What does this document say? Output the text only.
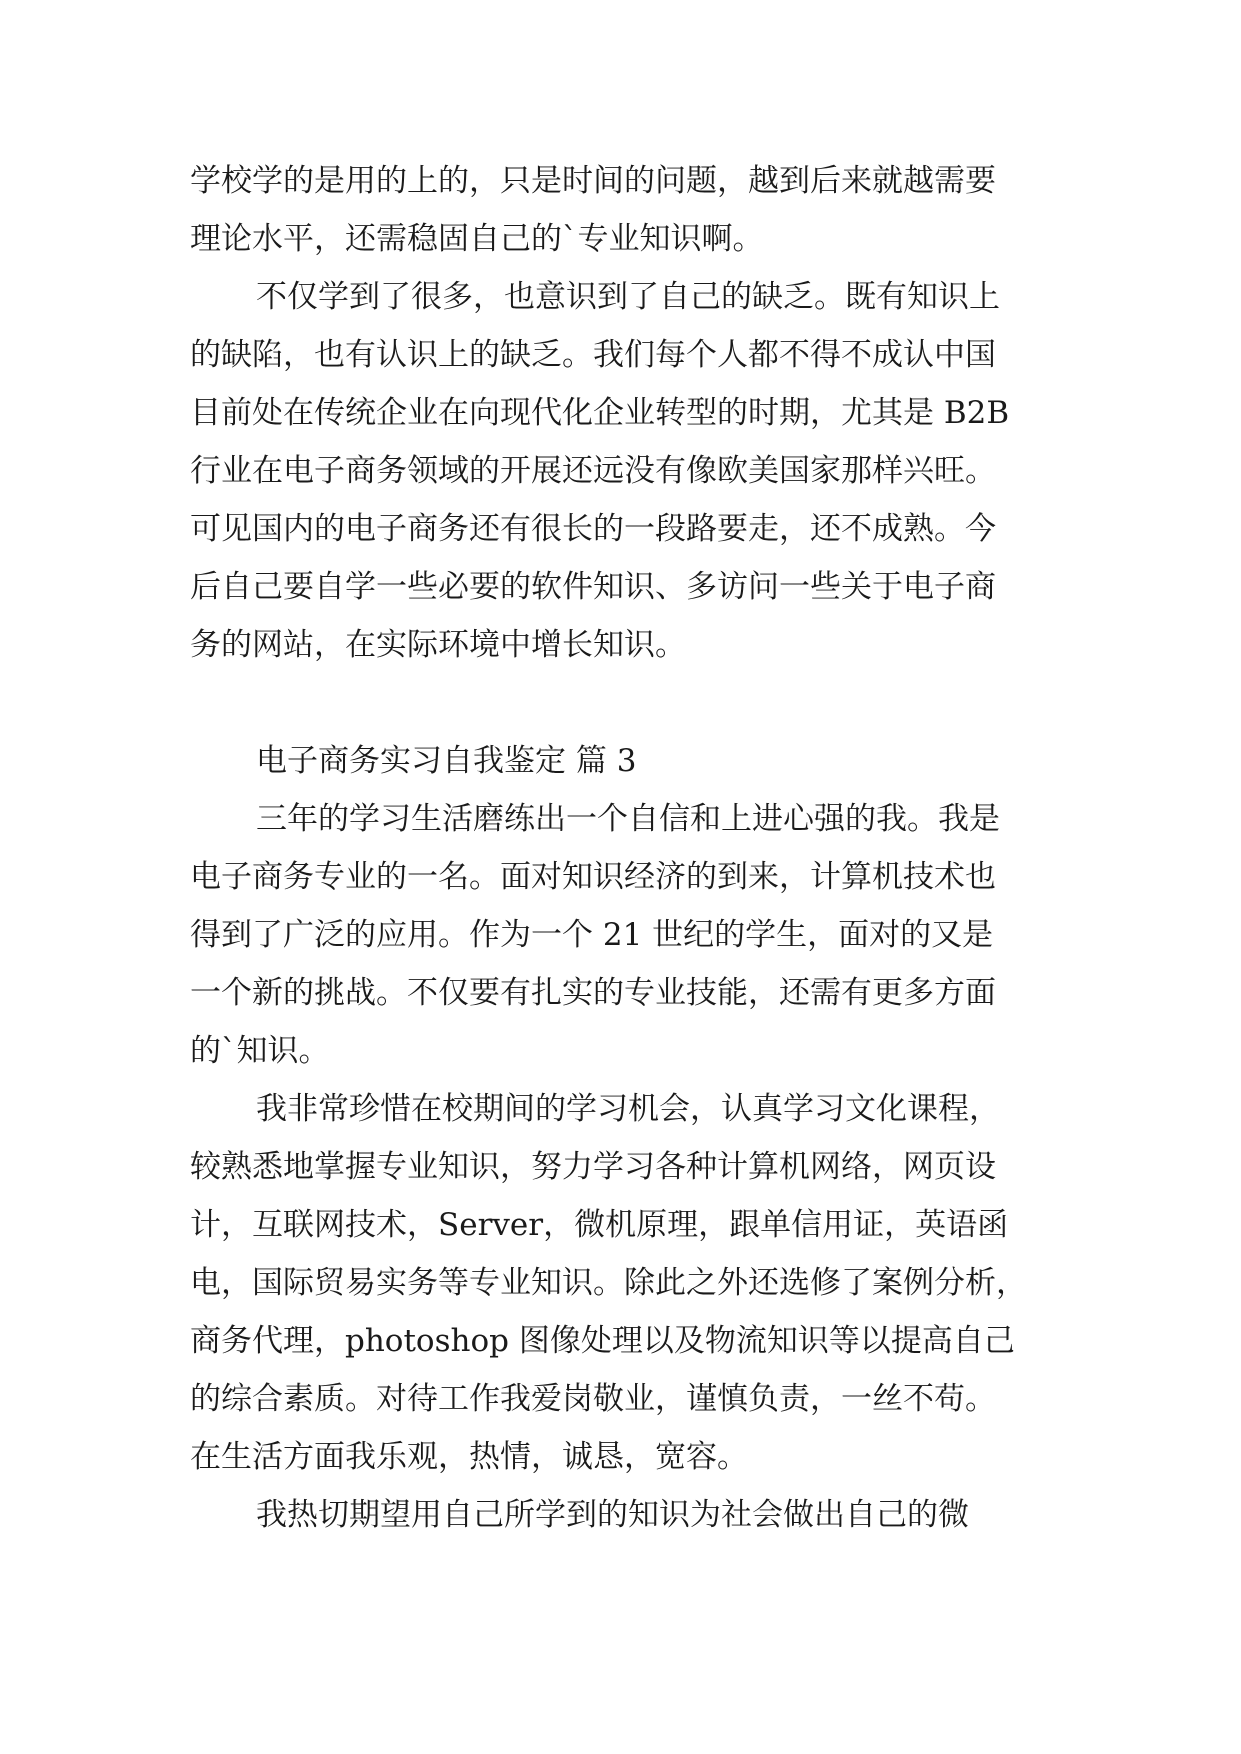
学校学的是用的上的，只是时间的问题，越到后来就越需要
理论水平，还需稳固自己的`专业知识啊。
不仅学到了很多，也意识到了自己的缺乏。既有知识上
的缺陷，也有认识上的缺乏。我们每个人都不得不成认中国
目前处在传统企业在向现代化企业转型的时期，尤其是 B2B
行业在电子商务领域的开展还远没有像欧美国家那样兴旺。
可见国内的电子商务还有很长的一段路要走，还不成熟。今
后自己要自学一些必要的软件知识、多访问一些关于电子商
务的网站，在实际环境中增长知识。
电子商务实习自我鉴定 篇 3
三年的学习生活磨练出一个自信和上进心强的我。我是
电子商务专业的一名。面对知识经济的到来，计算机技术也
得到了广泛的应用。作为一个 21 世纪的学生，面对的又是
一个新的挑战。不仅要有扎实的专业技能，还需有更多方面
的`知识。
我非常珍惜在校期间的学习机会，认真学习文化课程，
较熟悉地掌握专业知识，努力学习各种计算机网络，网页设
计，互联网技术，Server，微机原理，跟单信用证，英语函
电，国际贸易实务等专业知识。除此之外还选修了案例分析，
商务代理，photoshop 图像处理以及物流知识等以提高自己
的综合素质。对待工作我爱岗敬业，谨慎负责，一丝不苟。
在生活方面我乐观，热情，诚恳，宽容。
我热切期望用自己所学到的知识为社会做出自己的微
